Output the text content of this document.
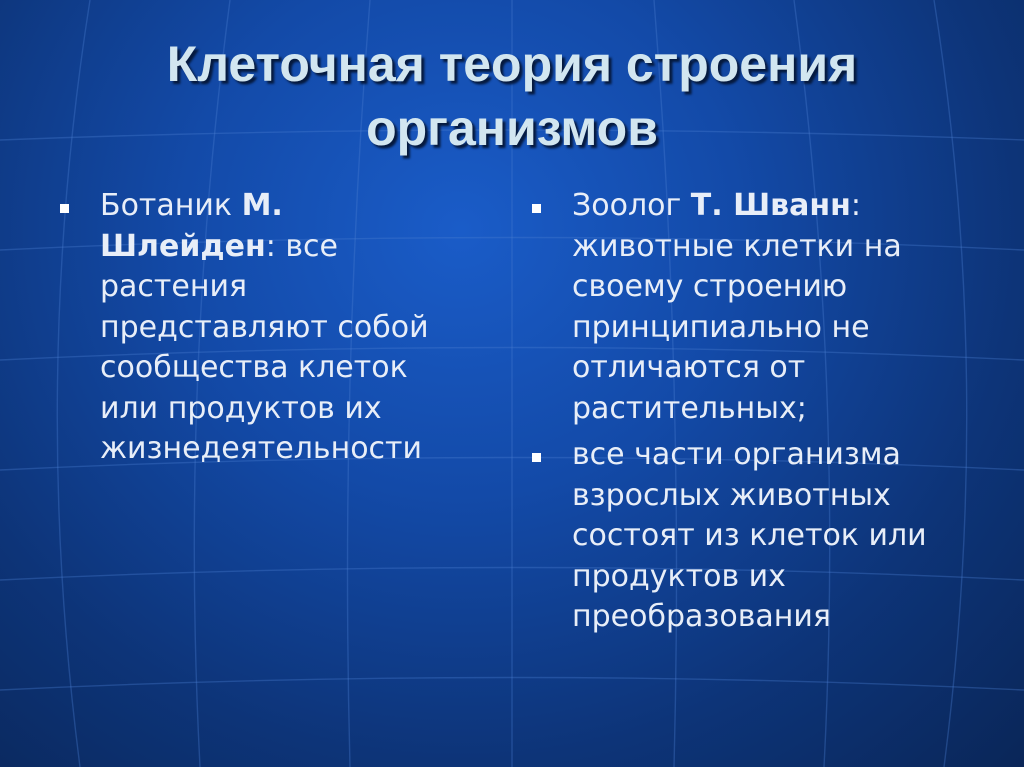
Клеточная теория строения
организмов
Ботаник М.
Шлейден: все
растения
представляют собой
сообщества клеток
или продуктов их
жизнедеятельности
Зоолог Т. Шванн:
животные клетки на
своему строению
принципиально не
отличаются от
растительных;
все части организма
взрослых животных
состоят из клеток или
продуктов их
преобразования
